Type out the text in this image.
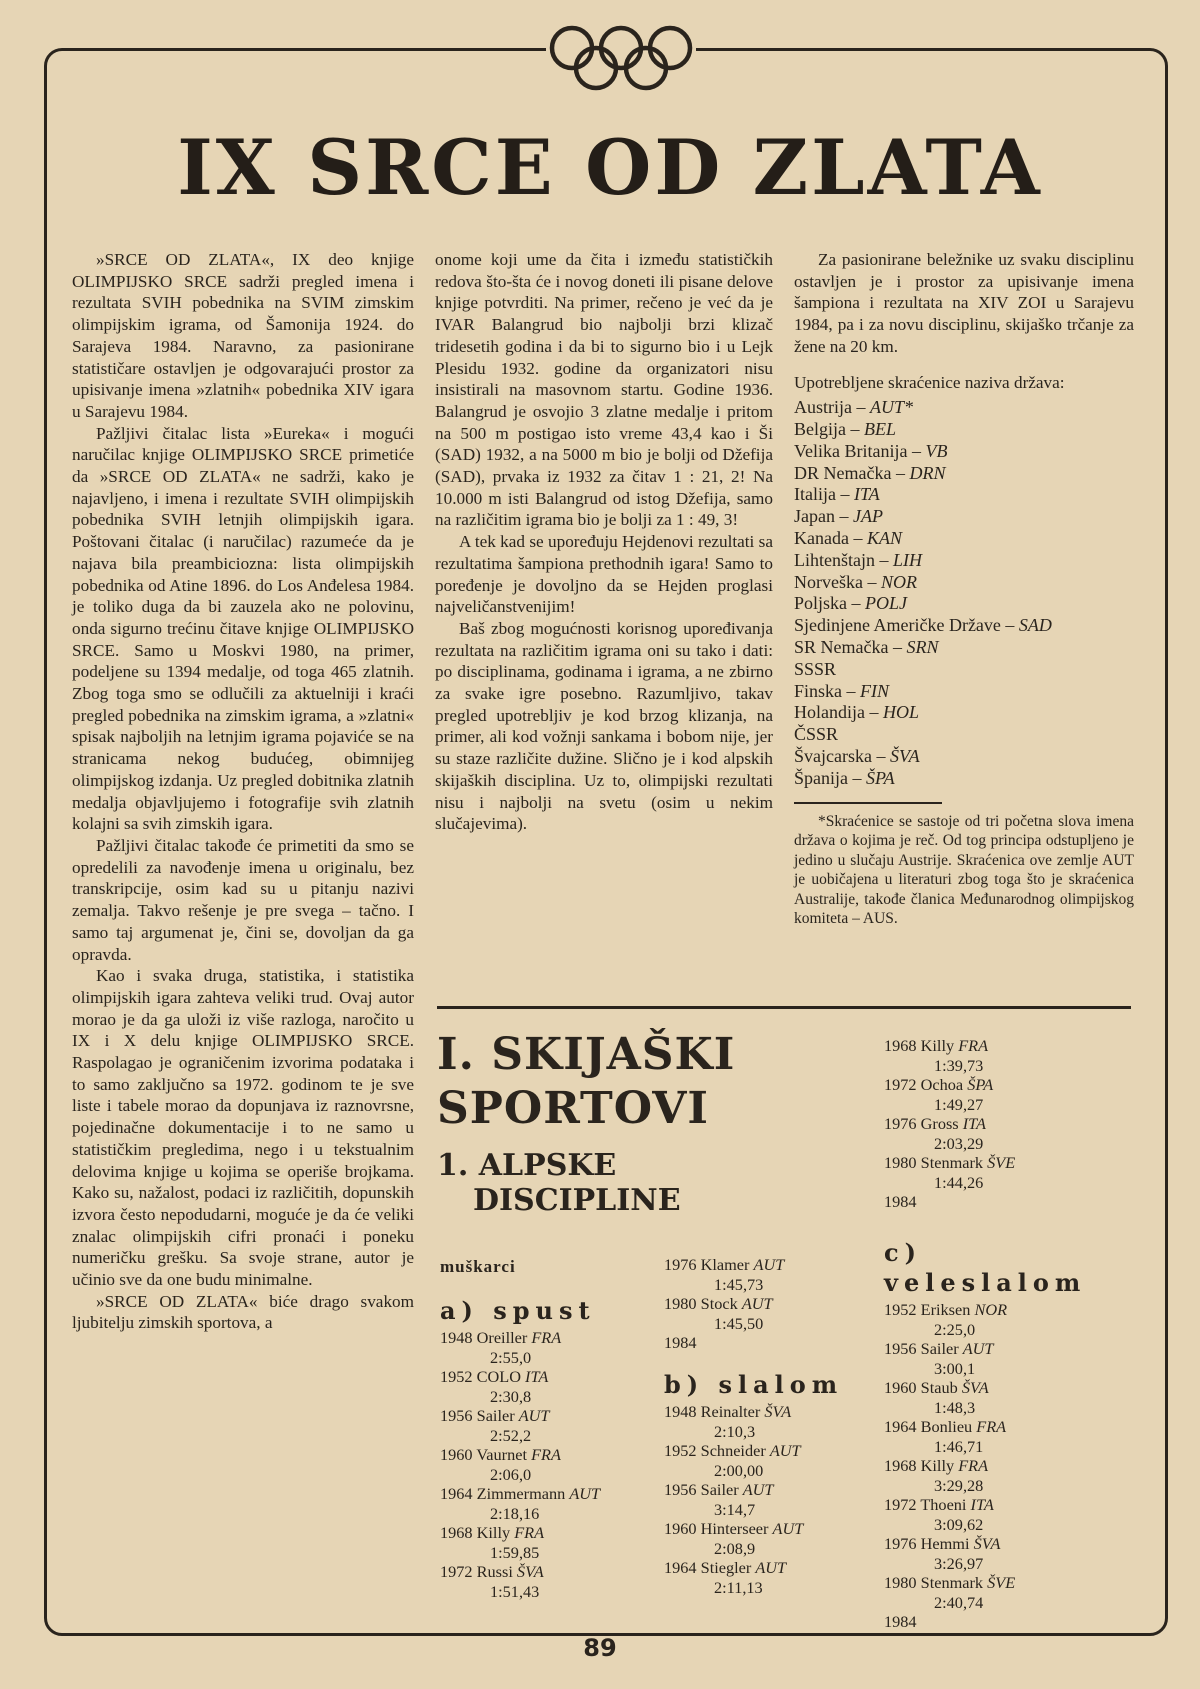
IX SRCE OD ZLATA

»SRCE OD ZLATA«, IX deo knjige OLIMPIJSKO SRCE sadrži pregled imena i rezultata SVIH pobednika na SVIM zimskim olimpijskim igrama, od Šamonija 1924. do Sarajeva 1984. Naravno, za pasionirane statističare ostavljen je odgovarajući prostor za upisivanje imena »zlatnih« pobednika XIV igara u Sarajevu 1984.

Pažljivi čitalac lista »Eureka« i mogući naručilac knjige OLIMPIJSKO SRCE primetiće da »SRCE OD ZLATA« ne sadrži, kako je najavljeno, i imena i rezultate SVIH olimpijskih pobednika SVIH letnjih olimpijskih igara. Poštovani čitalac (i naručilac) razumeće da je najava bila preambiciozna: lista olimpijskih pobednika od Atine 1896. do Los Anđelesa 1984. je toliko duga da bi zauzela ako ne polovinu, onda sigurno trećinu čitave knjige OLIMPIJSKO SRCE. Samo u Moskvi 1980, na primer, podeljene su 1394 medalje, od toga 465 zlatnih. Zbog toga smo se odlučili za aktuelniji i kraći pregled pobednika na zimskim igrama, a »zlatni« spisak najboljih na letnjim igrama pojaviće se na stranicama nekog budućeg, obimnijeg olimpijskog izdanja. Uz pregled dobitnika zlatnih medalja objavljujemo i fotografije svih zlatnih kolajni sa svih zimskih igara.

Pažljivi čitalac takođe će primetiti da smo se opredelili za navođenje imena u originalu, bez transkripcije, osim kad su u pitanju nazivi zemalja. Takvo rešenje je pre svega – tačno. I samo taj argumenat je, čini se, dovoljan da ga opravda.

Kao i svaka druga, statistika, i statistika olimpijskih igara zahteva veliki trud. Ovaj autor morao je da ga uloži iz više razloga, naročito u IX i X delu knjige OLIMPIJSKO SRCE. Raspolagao je ograničenim izvorima podataka i to samo zaključno sa 1972. godinom te je sve liste i tabele morao da dopunjava iz raznovrsne, pojedinačne dokumentacije i to ne samo u statističkim pregledima, nego i u tekstualnim delovima knjige u kojima se operiše brojkama. Kako su, nažalost, podaci iz različitih, dopunskih izvora često nepodudarni, moguće je da će veliki znalac olimpijskih cifri pronaći i poneku numeričku grešku. Sa svoje strane, autor je učinio sve da one budu minimalne.

»SRCE OD ZLATA« biće drago svakom ljubitelju zimskih sportova, a

onome koji ume da čita i između statističkih redova što-šta će i novog doneti ili pisane delove knjige potvrditi. Na primer, rečeno je već da je IVAR Balangrud bio najbolji brzi klizač tridesetih godina i da bi to sigurno bio i u Lejk Plesidu 1932. godine da organizatori nisu insistirali na masovnom startu. Godine 1936. Balangrud je osvojio 3 zlatne medalje i pritom na 500 m postigao isto vreme 43,4 kao i Ši (SAD) 1932, a na 5000 m bio je bolji od Džefija (SAD), prvaka iz 1932 za čitav 1 : 21, 2! Na 10.000 m isti Balangrud od istog Džefija, samo na različitim igrama bio je bolji za 1 : 49, 3!

A tek kad se upoređuju Hejdenovi rezultati sa rezultatima šampiona prethodnih igara! Samo to poređenje je dovoljno da se Hejden proglasi najveličanstvenijim!

Baš zbog mogućnosti korisnog upoređivanja rezultata na različitim igrama oni su tako i dati: po disciplinama, godinama i igrama, a ne zbirno za svake igre posebno. Razumljivo, takav pregled upotrebljiv je kod brzog klizanja, na primer, ali kod vožnji sankama i bobom nije, jer su staze različite dužine. Slično je i kod alpskih skijaških disciplina. Uz to, olimpijski rezultati nisu i najbolji na svetu (osim u nekim slučajevima).

Za pasionirane beležnike uz svaku disciplinu ostavljen je i prostor za upisivanje imena šampiona i rezultata na XIV ZOI u Sarajevu 1984, pa i za novu disciplinu, skijaško trčanje za žene na 20 km.

Upotrebljene skraćenice naziva država:

Austrija – AUT*
Belgija – BEL
Velika Britanija – VB
DR Nemačka – DRN
Italija – ITA
Japan – JAP
Kanada – KAN
Lihtenštajn – LIH
Norveška – NOR
Poljska – POLJ
Sjedinjene Američke Države – SAD
SR Nemačka – SRN
SSSR
Finska – FIN
Holandija – HOL
ČSSR
Švajcarska – ŠVA
Španija – ŠPA

*Skraćenice se sastoje od tri početna slova imena država o kojima je reč. Od tog principa odstupljeno je jedino u slučaju Austrije. Skraćenica ove zemlje AUT je uobičajena u literaturi zbog toga što je skraćenica Australije, takođe članica Međunarodnog olimpijskog komiteta – AUS.

I. SKIJAŠKI
SPORTOVI
1. ALPSKE
DISCIPLINE
muškarci
a) spust
1948 Oreiller FRA
2:55,0
1952 COLO ITA
2:30,8
1956 Sailer AUT
2:52,2
1960 Vaurnet FRA
2:06,0
1964 Zimmermann AUT
2:18,16
1968 Killy FRA
1:59,85
1972 Russi ŠVA
1:51,43
1976 Klamer AUT
1:45,73
1980 Stock AUT
1:45,50
1984
b) slalom
1948 Reinalter ŠVA
2:10,3
1952 Schneider AUT
2:00,00
1956 Sailer AUT
3:14,7
1960 Hinterseer AUT
2:08,9
1964 Stiegler AUT
2:11,13
1968 Killy FRA
1:39,73
1972 Ochoa ŠPA
1:49,27
1976 Gross ITA
2:03,29
1980 Stenmark ŠVE
1:44,26
1984
c) veleslalom
1952 Eriksen NOR
2:25,0
1956 Sailer AUT
3:00,1
1960 Staub ŠVA
1:48,3
1964 Bonlieu FRA
1:46,71
1968 Killy FRA
3:29,28
1972 Thoeni ITA
3:09,62
1976 Hemmi ŠVA
3:26,97
1980 Stenmark ŠVE
2:40,74
1984
89
